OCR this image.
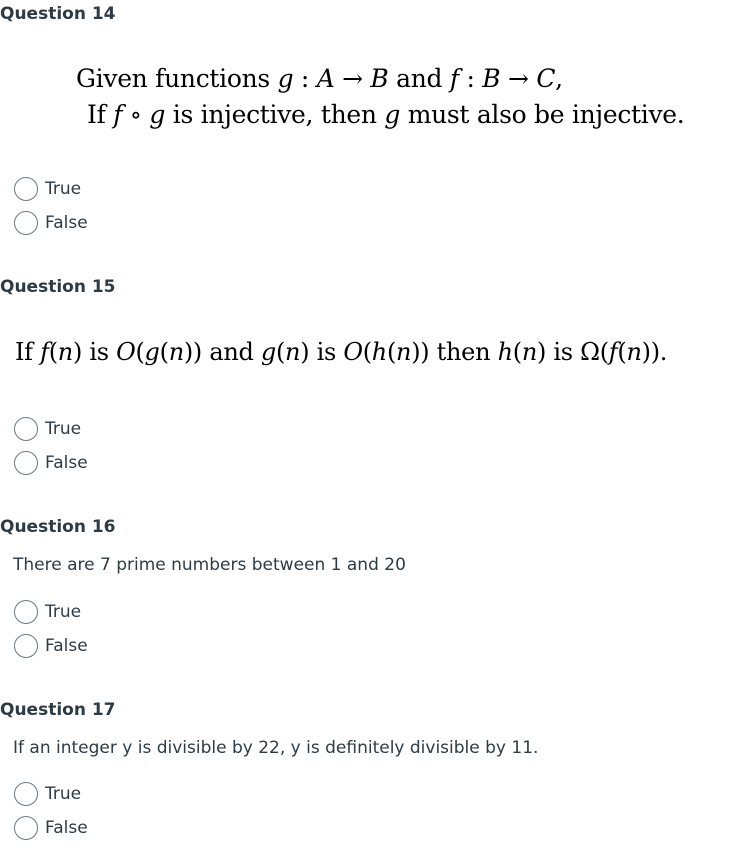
Question 14
Given functions g : A → B and f : B → C,
If f ∘ g is injective, then g must also be injective.
True
False
Question 15
If f(n) is O(g(n)) and g(n) is O(h(n)) then h(n) is Ω(f(n)).
True
False
Question 16
There are 7 prime numbers between 1 and 20
True
False
Question 17
If an integer y is divisible by 22, y is definitely divisible by 11.
True
False
